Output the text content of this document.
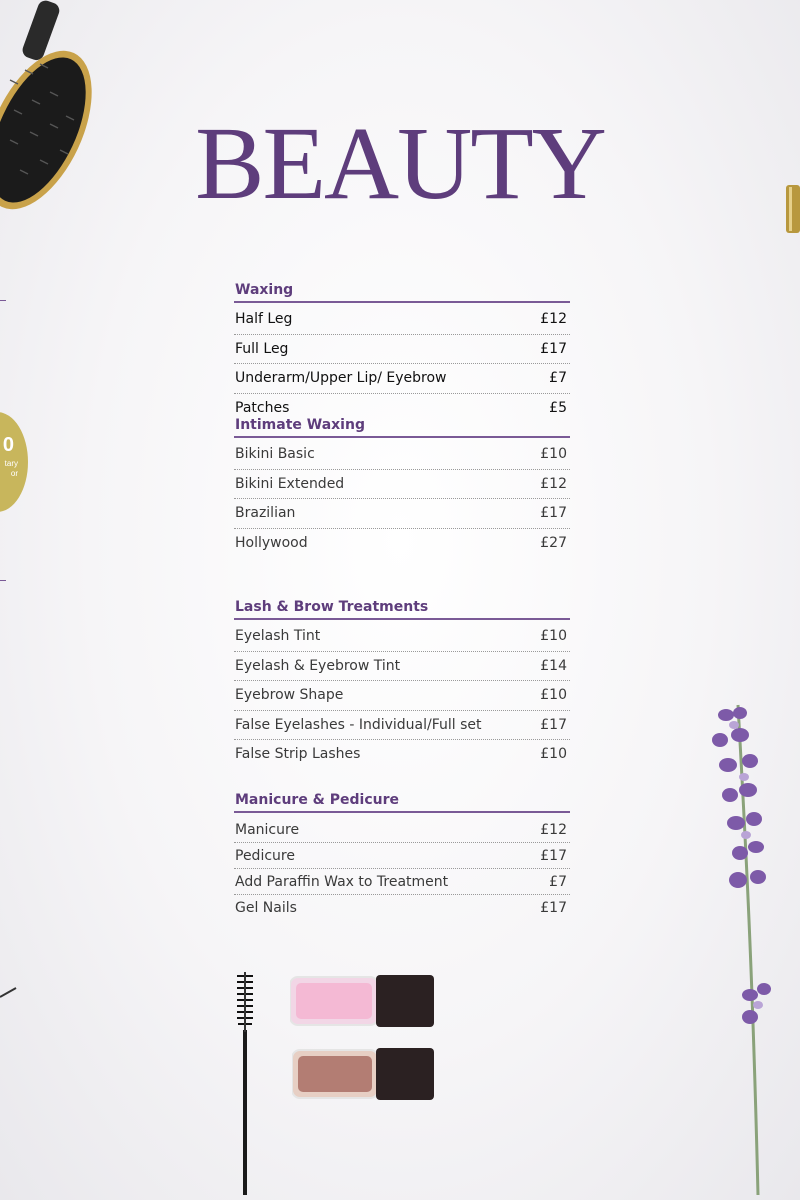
0
tary
or
BEAUTY
Waxing
Half Leg	£12
Full Leg	£17
Underarm/Upper Lip/ Eyebrow	£7
Patches	£5
Intimate Waxing
Bikini Basic	£10
Bikini Extended	£12
Brazilian	£17
Hollywood	£27
Lash & Brow Treatments
Eyelash Tint	£10
Eyelash & Eyebrow Tint	£14
Eyebrow Shape	£10
False Eyelashes - Individual/Full set	£17
False Strip Lashes	£10
Manicure & Pedicure
Manicure	£12
Pedicure	£17
Add Paraffin Wax to Treatment	£7
Gel Nails	£17
